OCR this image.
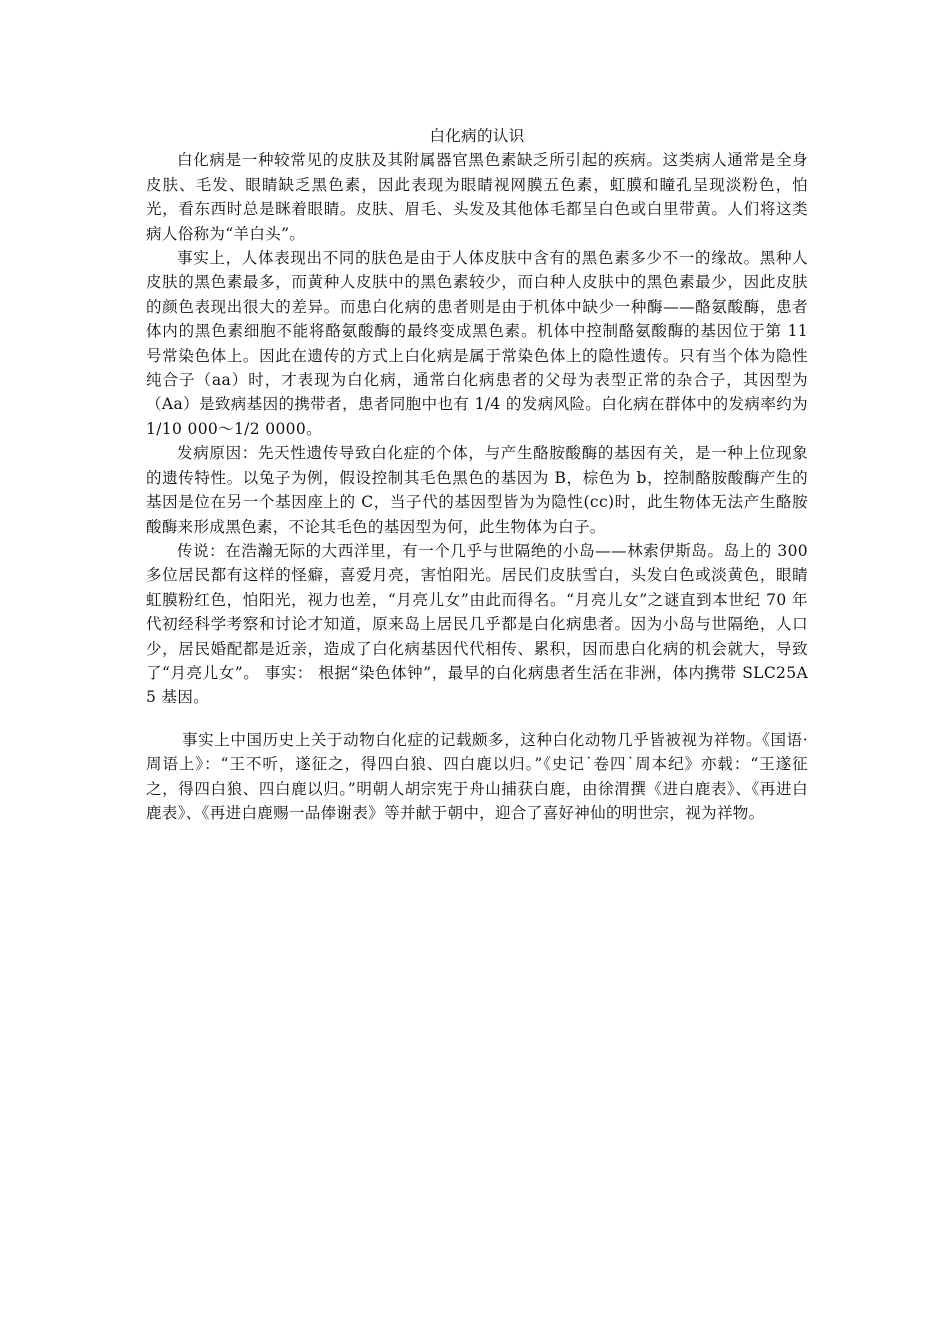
白化病的认识

白化病是一种较常见的皮肤及其附属器官黑色素缺乏所引起的疾病。这类病人通常是全身皮肤、毛发、眼睛缺乏黑色素，因此表现为眼睛视网膜五色素，虹膜和瞳孔呈现淡粉色，怕光，看东西时总是眯着眼睛。皮肤、眉毛、头发及其他体毛都呈白色或白里带黄。人们将这类病人俗称为“羊白头”。

事实上，人体表现出不同的肤色是由于人体皮肤中含有的黑色素多少不一的缘故。黑种人皮肤的黑色素最多，而黄种人皮肤中的黑色素较少，而白种人皮肤中的黑色素最少，因此皮肤的颜色表现出很大的差异。而患白化病的患者则是由于机体中缺少一种酶——酪氨酸酶，患者体内的黑色素细胞不能将酪氨酸酶的最终变成黑色素。机体中控制酪氨酸酶的基因位于第 11 号常染色体上。因此在遗传的方式上白化病是属于常染色体上的隐性遗传。只有当个体为隐性纯合子（aa）时，才表现为白化病，通常白化病患者的父母为表型正常的杂合子，其因型为（Aa）是致病基因的携带者，患者同胞中也有 1/4 的发病风险。白化病在群体中的发病率约为 1/10 000～1/2 0000。

发病原因：先天性遗传导致白化症的个体，与产生酪胺酸酶的基因有关，是一种上位现象的遗传特性。以兔子为例，假设控制其毛色黑色的基因为 B，棕色为 b，控制酪胺酸酶产生的基因是位在另一个基因座上的 C，当子代的基因型皆为为隐性(cc)时，此生物体无法产生酪胺酸酶来形成黑色素，不论其毛色的基因型为何，此生物体为白子。

传说：在浩瀚无际的大西洋里，有一个几乎与世隔绝的小岛——林索伊斯岛。岛上的 300 多位居民都有这样的怪癖，喜爱月亮，害怕阳光。居民们皮肤雪白，头发白色或淡黄色，眼睛虹膜粉红色，怕阳光，视力也差，“月亮儿女”由此而得名。“月亮儿女”之谜直到本世纪 70 年代初经科学考察和讨论才知道，原来岛上居民几乎都是白化病患者。因为小岛与世隔绝，人口少，居民婚配都是近亲，造成了白化病基因代代相传、累积，因而患白化病的机会就大，导致了“月亮儿女”。 事实： 根据“染色体钟”，最早的白化病患者生活在非洲，体内携带 SLC25A5 基因。

事实上中国历史上关于动物白化症的记载颇多，这种白化动物几乎皆被视为祥物。《国语·周语上》：“王不听，遂征之，得四白狼、四白鹿以归。”《史记˙卷四˙周本纪》亦载：“王遂征之，得四白狼、四白鹿以归。”明朝人胡宗宪于舟山捕获白鹿，由徐渭撰《进白鹿表》、《再进白鹿表》、《再进白鹿赐一品俸谢表》等并献于朝中，迎合了喜好神仙的明世宗，视为祥物。
